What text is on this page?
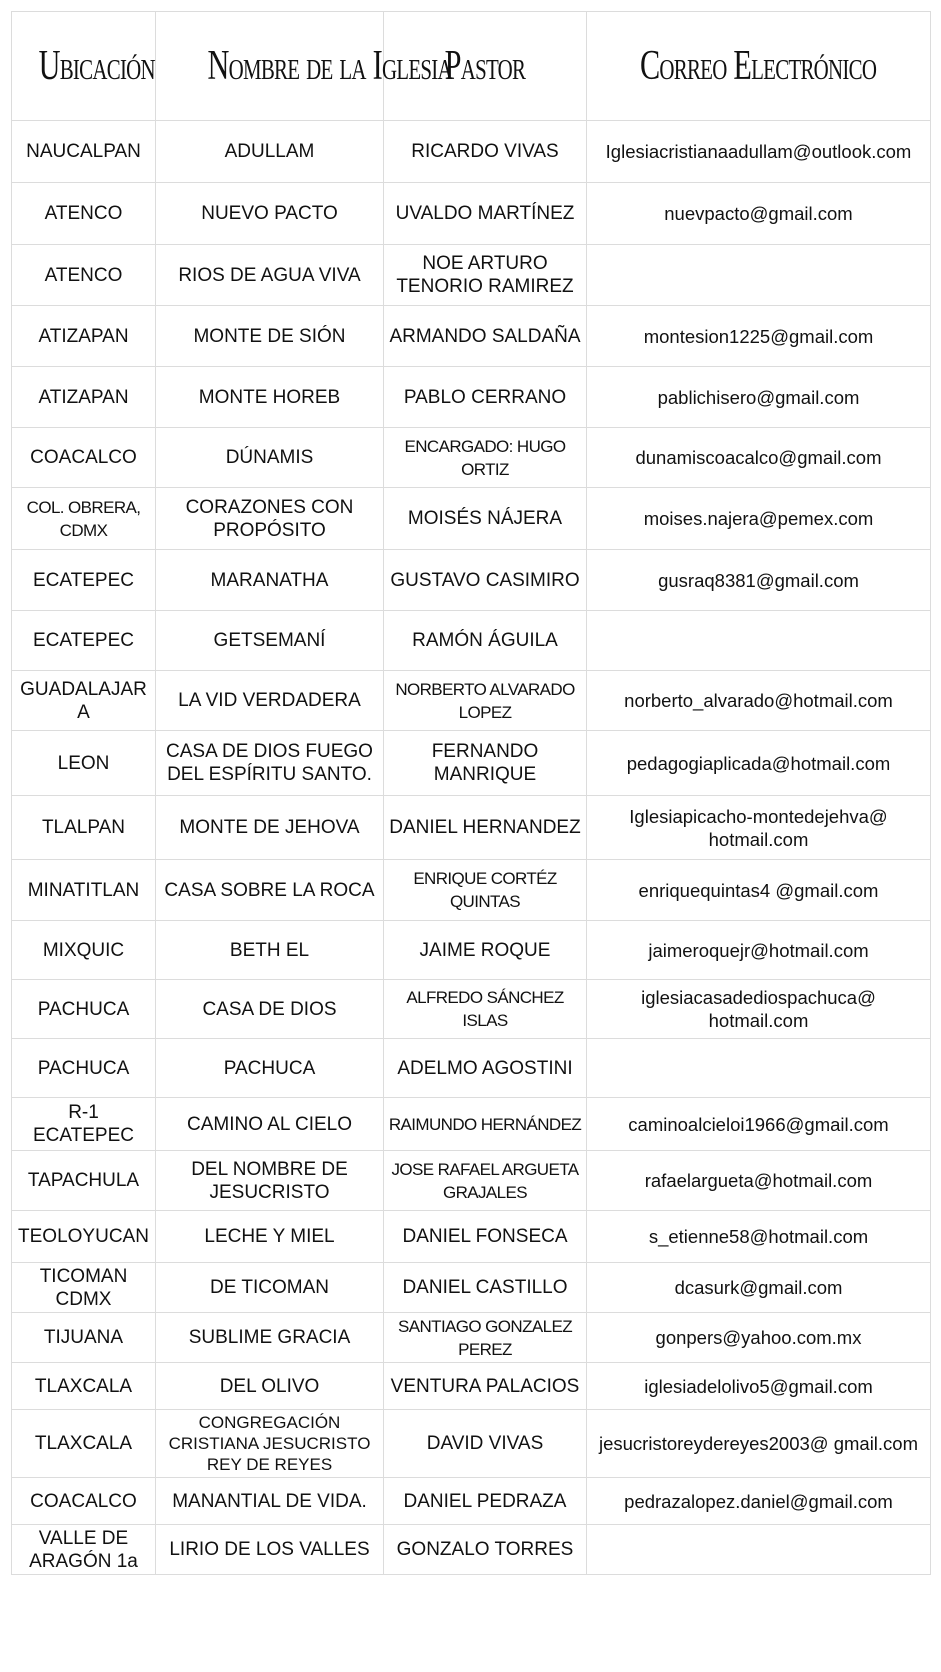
Ubicación	Nombre de la Iglesia	Pastor	Correo Electrónico
NAUCALPAN	ADULLAM	RICARDO VIVAS	Iglesiacristianaadullam@outlook.com
ATENCO	NUEVO PACTO	UVALDO MARTÍNEZ	nuevpacto@gmail.com
ATENCO	RIOS DE AGUA VIVA	NOE ARTURO TENORIO RAMIREZ	
ATIZAPAN	MONTE DE SIÓN	ARMANDO SALDAÑA	montesion1225@gmail.com
ATIZAPAN	MONTE HOREB	PABLO CERRANO	pablichisero@gmail.com
COACALCO	DÚNAMIS	ENCARGADO: HUGO ORTIZ	dunamiscoacalco@gmail.com
COL. OBRERA, CDMX	CORAZONES CON PROPÓSITO	MOISÉS NÁJERA	moises.najera@pemex.com
ECATEPEC	MARANATHA	GUSTAVO CASIMIRO	gusraq8381@gmail.com
ECATEPEC	GETSEMANÍ	RAMÓN ÁGUILA	
GUADALAJARA	LA VID VERDADERA	NORBERTO ALVARADO LOPEZ	norberto_alvarado@hotmail.com
LEON	CASA DE DIOS FUEGO DEL ESPÍRITU SANTO.	FERNANDO MANRIQUE	pedagogiaplicada@hotmail.com
TLALPAN	MONTE DE JEHOVA	DANIEL HERNANDEZ	Iglesiapicacho-montedejehva@ hotmail.com
MINATITLAN	CASA SOBRE LA ROCA	ENRIQUE CORTÉZ QUINTAS	enriquequintas4 @gmail.com
MIXQUIC	BETH EL	JAIME ROQUE	jaimeroquejr@hotmail.com
PACHUCA	CASA DE DIOS	ALFREDO SÁNCHEZ ISLAS	iglesiacasadediospachuca@ hotmail.com
PACHUCA	PACHUCA	ADELMO AGOSTINI	
R-1 ECATEPEC	CAMINO AL CIELO	RAIMUNDO HERNÁNDEZ	caminoalcieloi1966@gmail.com
TAPACHULA	DEL NOMBRE DE JESUCRISTO	JOSE RAFAEL ARGUETA GRAJALES	rafaelargueta@hotmail.com
TEOLOYUCAN	LECHE Y MIEL	DANIEL FONSECA	s_etienne58@hotmail.com
TICOMAN CDMX	DE TICOMAN	DANIEL CASTILLO	dcasurk@gmail.com
TIJUANA	SUBLIME GRACIA	SANTIAGO GONZALEZ PEREZ	gonpers@yahoo.com.mx
TLAXCALA	DEL OLIVO	VENTURA PALACIOS	iglesiadelolivo5@gmail.com
TLAXCALA	CONGREGACIÓN CRISTIANA JESUCRISTO REY DE REYES	DAVID VIVAS	jesucristoreydereyes2003@ gmail.com
COACALCO	MANANTIAL DE VIDA.	DANIEL PEDRAZA	pedrazalopez.daniel@gmail.com
VALLE DE ARAGÓN 1a	LIRIO DE LOS VALLES	GONZALO TORRES	
